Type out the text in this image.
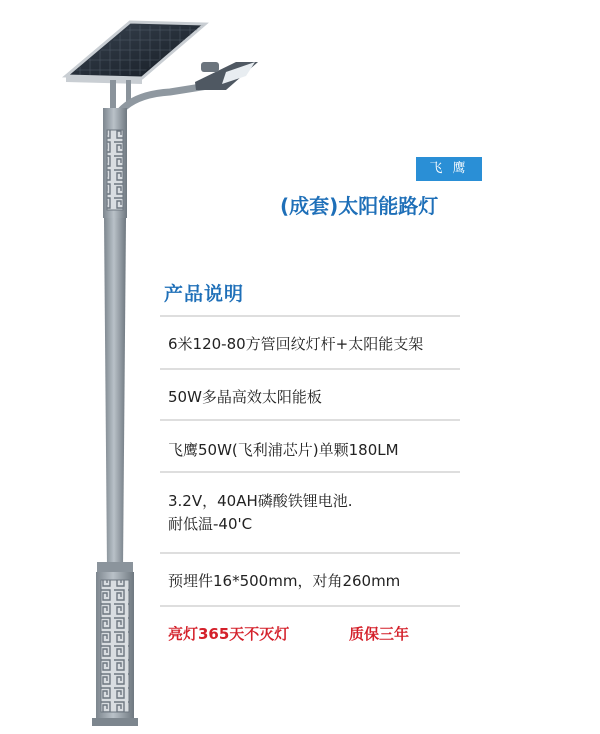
飞 鹰
(成套)太阳能路灯
产品说明
6米120-80方管回纹灯杆+太阳能支架
50W多晶高效太阳能板
飞鹰50W(飞利浦芯片)单颗180LM
3.2V，40AH磷酸铁锂电池.
耐低温-40'C
预埋件16*500mm，对角260mm
亮灯365天不灭灯	质保三年
